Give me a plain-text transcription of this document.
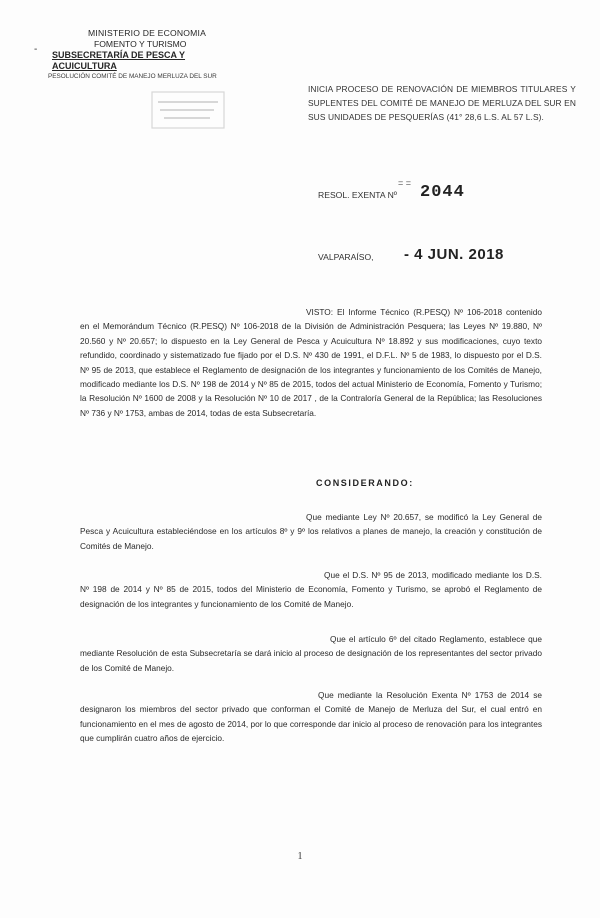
-
MINISTERIO DE ECONOMIA
FOMENTO Y TURISMO
SUBSECRETARÍA DE PESCA Y ACUICULTURA
PESOLUCIÓN COMITÉ DE MANEJO MERLUZA DEL SUR
INICIA PROCESO DE RENOVACIÓN DE MIEMBROS TITULARES Y SUPLENTES DEL COMITÉ DE MANEJO DE MERLUZA DEL SUR EN SUS UNIDADES DE PESQUERÍAS (41° 28,6 L.S. AL 57 L.S).
= =
RESOL. EXENTA Nº 2044
VALPARAÍSO, - 4 JUN. 2018
VISTO: El Informe Técnico (R.PESQ) Nº 106-2018 contenido en el Memorándum Técnico (R.PESQ) Nº 106-2018 de la División de Administración Pesquera; las Leyes Nº 19.880, Nº 20.560 y Nº 20.657; lo dispuesto en la Ley General de Pesca y Acuicultura Nº 18.892 y sus modificaciones, cuyo texto refundido, coordinado y sistematizado fue fijado por el D.S. Nº 430 de 1991, el D.F.L. Nº 5 de 1983, lo dispuesto por el D.S. Nº 95 de 2013, que establece el Reglamento de designación de los integrantes y funcionamiento de los Comités de Manejo, modificado mediante los D.S. Nº 198 de 2014 y Nº 85 de 2015, todos del actual Ministerio de Economía, Fomento y Turismo; la Resolución Nº 1600 de 2008 y la Resolución Nº 10 de 2017 , de la Contraloría General de la República; las Resoluciones Nº 736 y Nº 1753, ambas de 2014, todas de esta Subsecretaría.
CONSIDERANDO:
Que mediante Ley Nº 20.657, se modificó la Ley General de Pesca y Acuicultura estableciéndose en los artículos 8º y 9º los relativos a planes de manejo, la creación y constitución de Comités de Manejo.
Que el D.S. Nº 95 de 2013, modificado mediante los D.S. Nº 198 de 2014 y Nº 85 de 2015, todos del Ministerio de Economía, Fomento y Turismo, se aprobó el Reglamento de designación de los integrantes y funcionamiento de los Comité de Manejo.
Que el artículo 6º del citado Reglamento, establece que mediante Resolución de esta Subsecretaría se dará inicio al proceso de designación de los representantes del sector privado de los Comité de Manejo.
Que mediante la Resolución Exenta Nº 1753 de 2014 se designaron los miembros del sector privado que conforman el Comité de Manejo de Merluza del Sur, el cual entró en funcionamiento en el mes de agosto de 2014, por lo que corresponde dar inicio al proceso de renovación para los integrantes que cumplirán cuatro años de ejercicio.
1
